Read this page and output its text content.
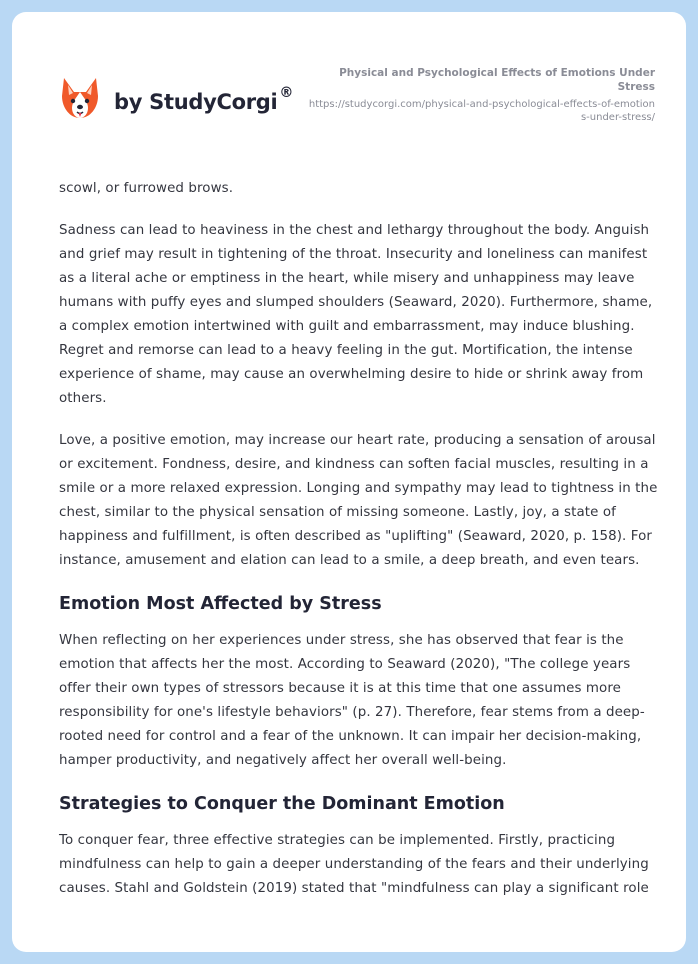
by StudyCorgi ®
Physical and Psychological Effects of Emotions Under Stress
https://studycorgi.com/physical-and-psychological-effects-of-emotions-under-stress/

scowl, or furrowed brows.

Sadness can lead to heaviness in the chest and lethargy throughout the body. Anguish and grief may result in tightening of the throat. Insecurity and loneliness can manifest as a literal ache or emptiness in the heart, while misery and unhappiness may leave humans with puffy eyes and slumped shoulders (Seaward, 2020). Furthermore, shame, a complex emotion intertwined with guilt and embarrassment, may induce blushing. Regret and remorse can lead to a heavy feeling in the gut. Mortification, the intense experience of shame, may cause an overwhelming desire to hide or shrink away from others.

Love, a positive emotion, may increase our heart rate, producing a sensation of arousal or excitement. Fondness, desire, and kindness can soften facial muscles, resulting in a smile or a more relaxed expression. Longing and sympathy may lead to tightness in the chest, similar to the physical sensation of missing someone. Lastly, joy, a state of happiness and fulfillment, is often described as "uplifting" (Seaward, 2020, p. 158). For instance, amusement and elation can lead to a smile, a deep breath, and even tears.

Emotion Most Affected by Stress

When reflecting on her experiences under stress, she has observed that fear is the emotion that affects her the most. According to Seaward (2020), "The college years offer their own types of stressors because it is at this time that one assumes more responsibility for one's lifestyle behaviors" (p. 27). Therefore, fear stems from a deep-rooted need for control and a fear of the unknown. It can impair her decision-making, hamper productivity, and negatively affect her overall well-being.

Strategies to Conquer the Dominant Emotion

To conquer fear, three effective strategies can be implemented. Firstly, practicing mindfulness can help to gain a deeper understanding of the fears and their underlying causes. Stahl and Goldstein (2019) stated that "mindfulness can play a significant role
